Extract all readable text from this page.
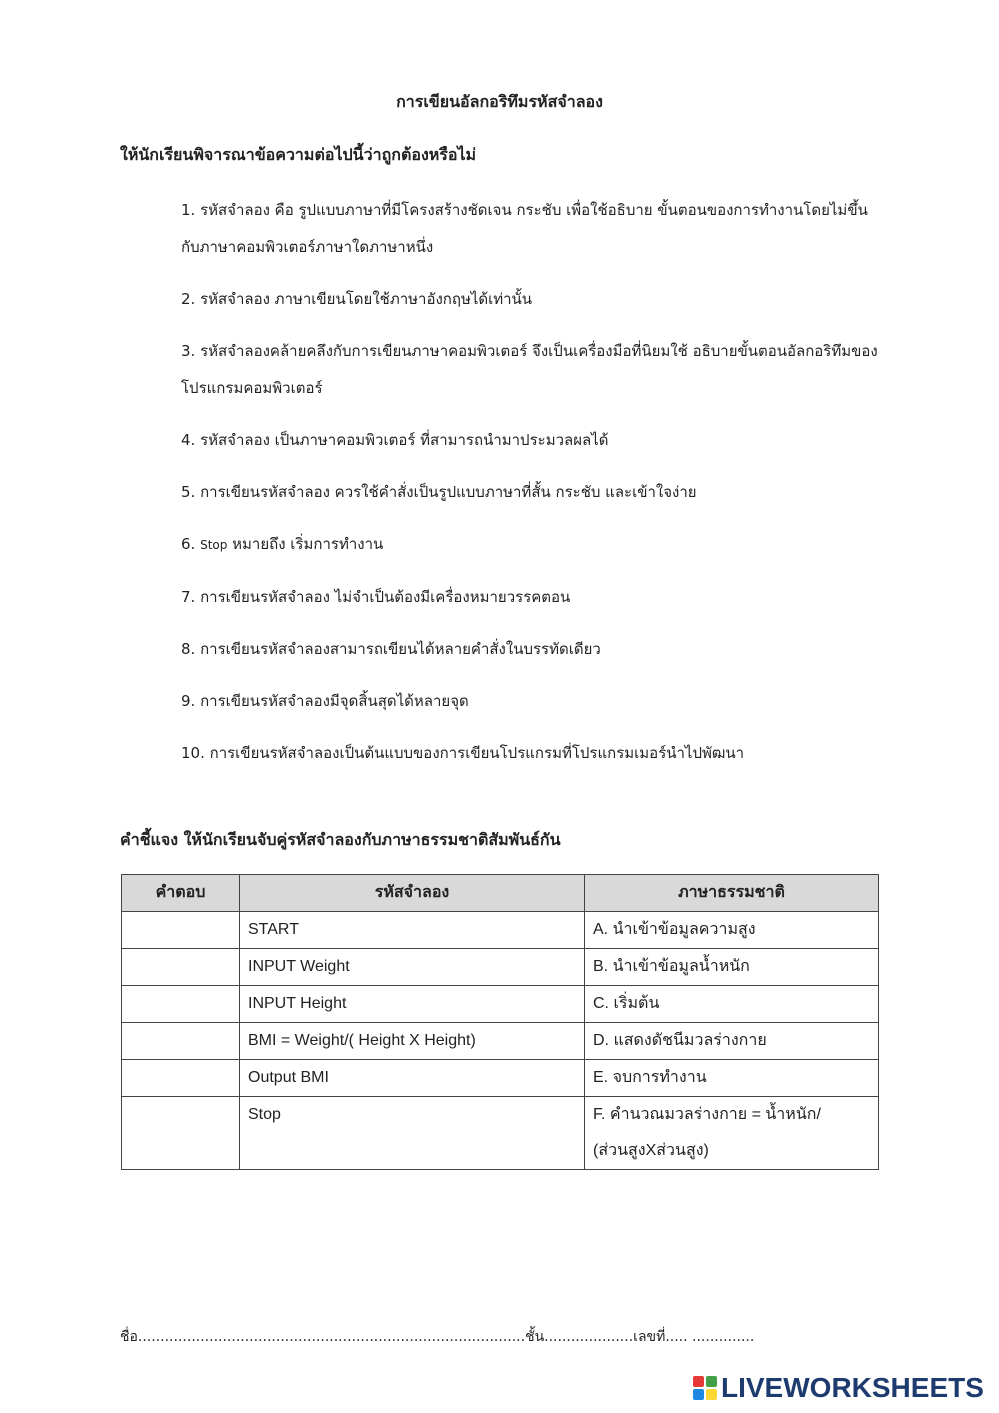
การเขียนอัลกอริทึมรหัสจำลอง
ให้นักเรียนพิจารณาข้อความต่อไปนี้ว่าถูกต้องหรือไม่
1. รหัสจำลอง คือ รูปแบบภาษาที่มีโครงสร้างชัดเจน กระชับ เพื่อใช้อธิบาย ขั้นตอนของการทำงานโดยไม่ขึ้นกับภาษาคอมพิวเตอร์ภาษาใดภาษาหนึ่ง
2. รหัสจำลอง ภาษาเขียนโดยใช้ภาษาอังกฤษได้เท่านั้น
3. รหัสจำลองคล้ายคลึงกับการเขียนภาษาคอมพิวเตอร์ จึงเป็นเครื่องมือที่นิยมใช้ อธิบายขั้นตอนอัลกอริทึมของโปรแกรมคอมพิวเตอร์
4. รหัสจำลอง เป็นภาษาคอมพิวเตอร์ ที่สามารถนำมาประมวลผลได้
5. การเขียนรหัสจำลอง ควรใช้คำสั่งเป็นรูปแบบภาษาที่สั้น กระชับ และเข้าใจง่าย
6. Stop หมายถึง เริ่มการทำงาน
7. การเขียนรหัสจำลอง ไม่จำเป็นต้องมีเครื่องหมายวรรคตอน
8. การเขียนรหัสจำลองสามารถเขียนได้หลายคำสั่งในบรรทัดเดียว
9. การเขียนรหัสจำลองมีจุดสิ้นสุดได้หลายจุด
10. การเขียนรหัสจำลองเป็นต้นแบบของการเขียนโปรแกรมที่โปรแกรมเมอร์นำไปพัฒนา
คำชี้แจง ให้นักเรียนจับคู่รหัสจำลองกับภาษาธรรมชาติสัมพันธ์กัน
คำตอบ	รหัสจำลอง	ภาษาธรรมชาติ
	START	A. นำเข้าข้อมูลความสูง
	INPUT Weight	B. นำเข้าข้อมูลน้ำหนัก
	INPUT Height	C. เริ่มต้น
	BMI = Weight/( Height X Height)	D. แสดงดัชนีมวลร่างกาย
	Output BMI	E. จบการทำงาน
	Stop	F. คำนวณมวลร่างกาย = น้ำหนัก/
(ส่วนสูงXส่วนสูง)
ชื่อ.......................................................................................ชั้น....................เลขที่..... ..............
LIVEWORKSHEETS
